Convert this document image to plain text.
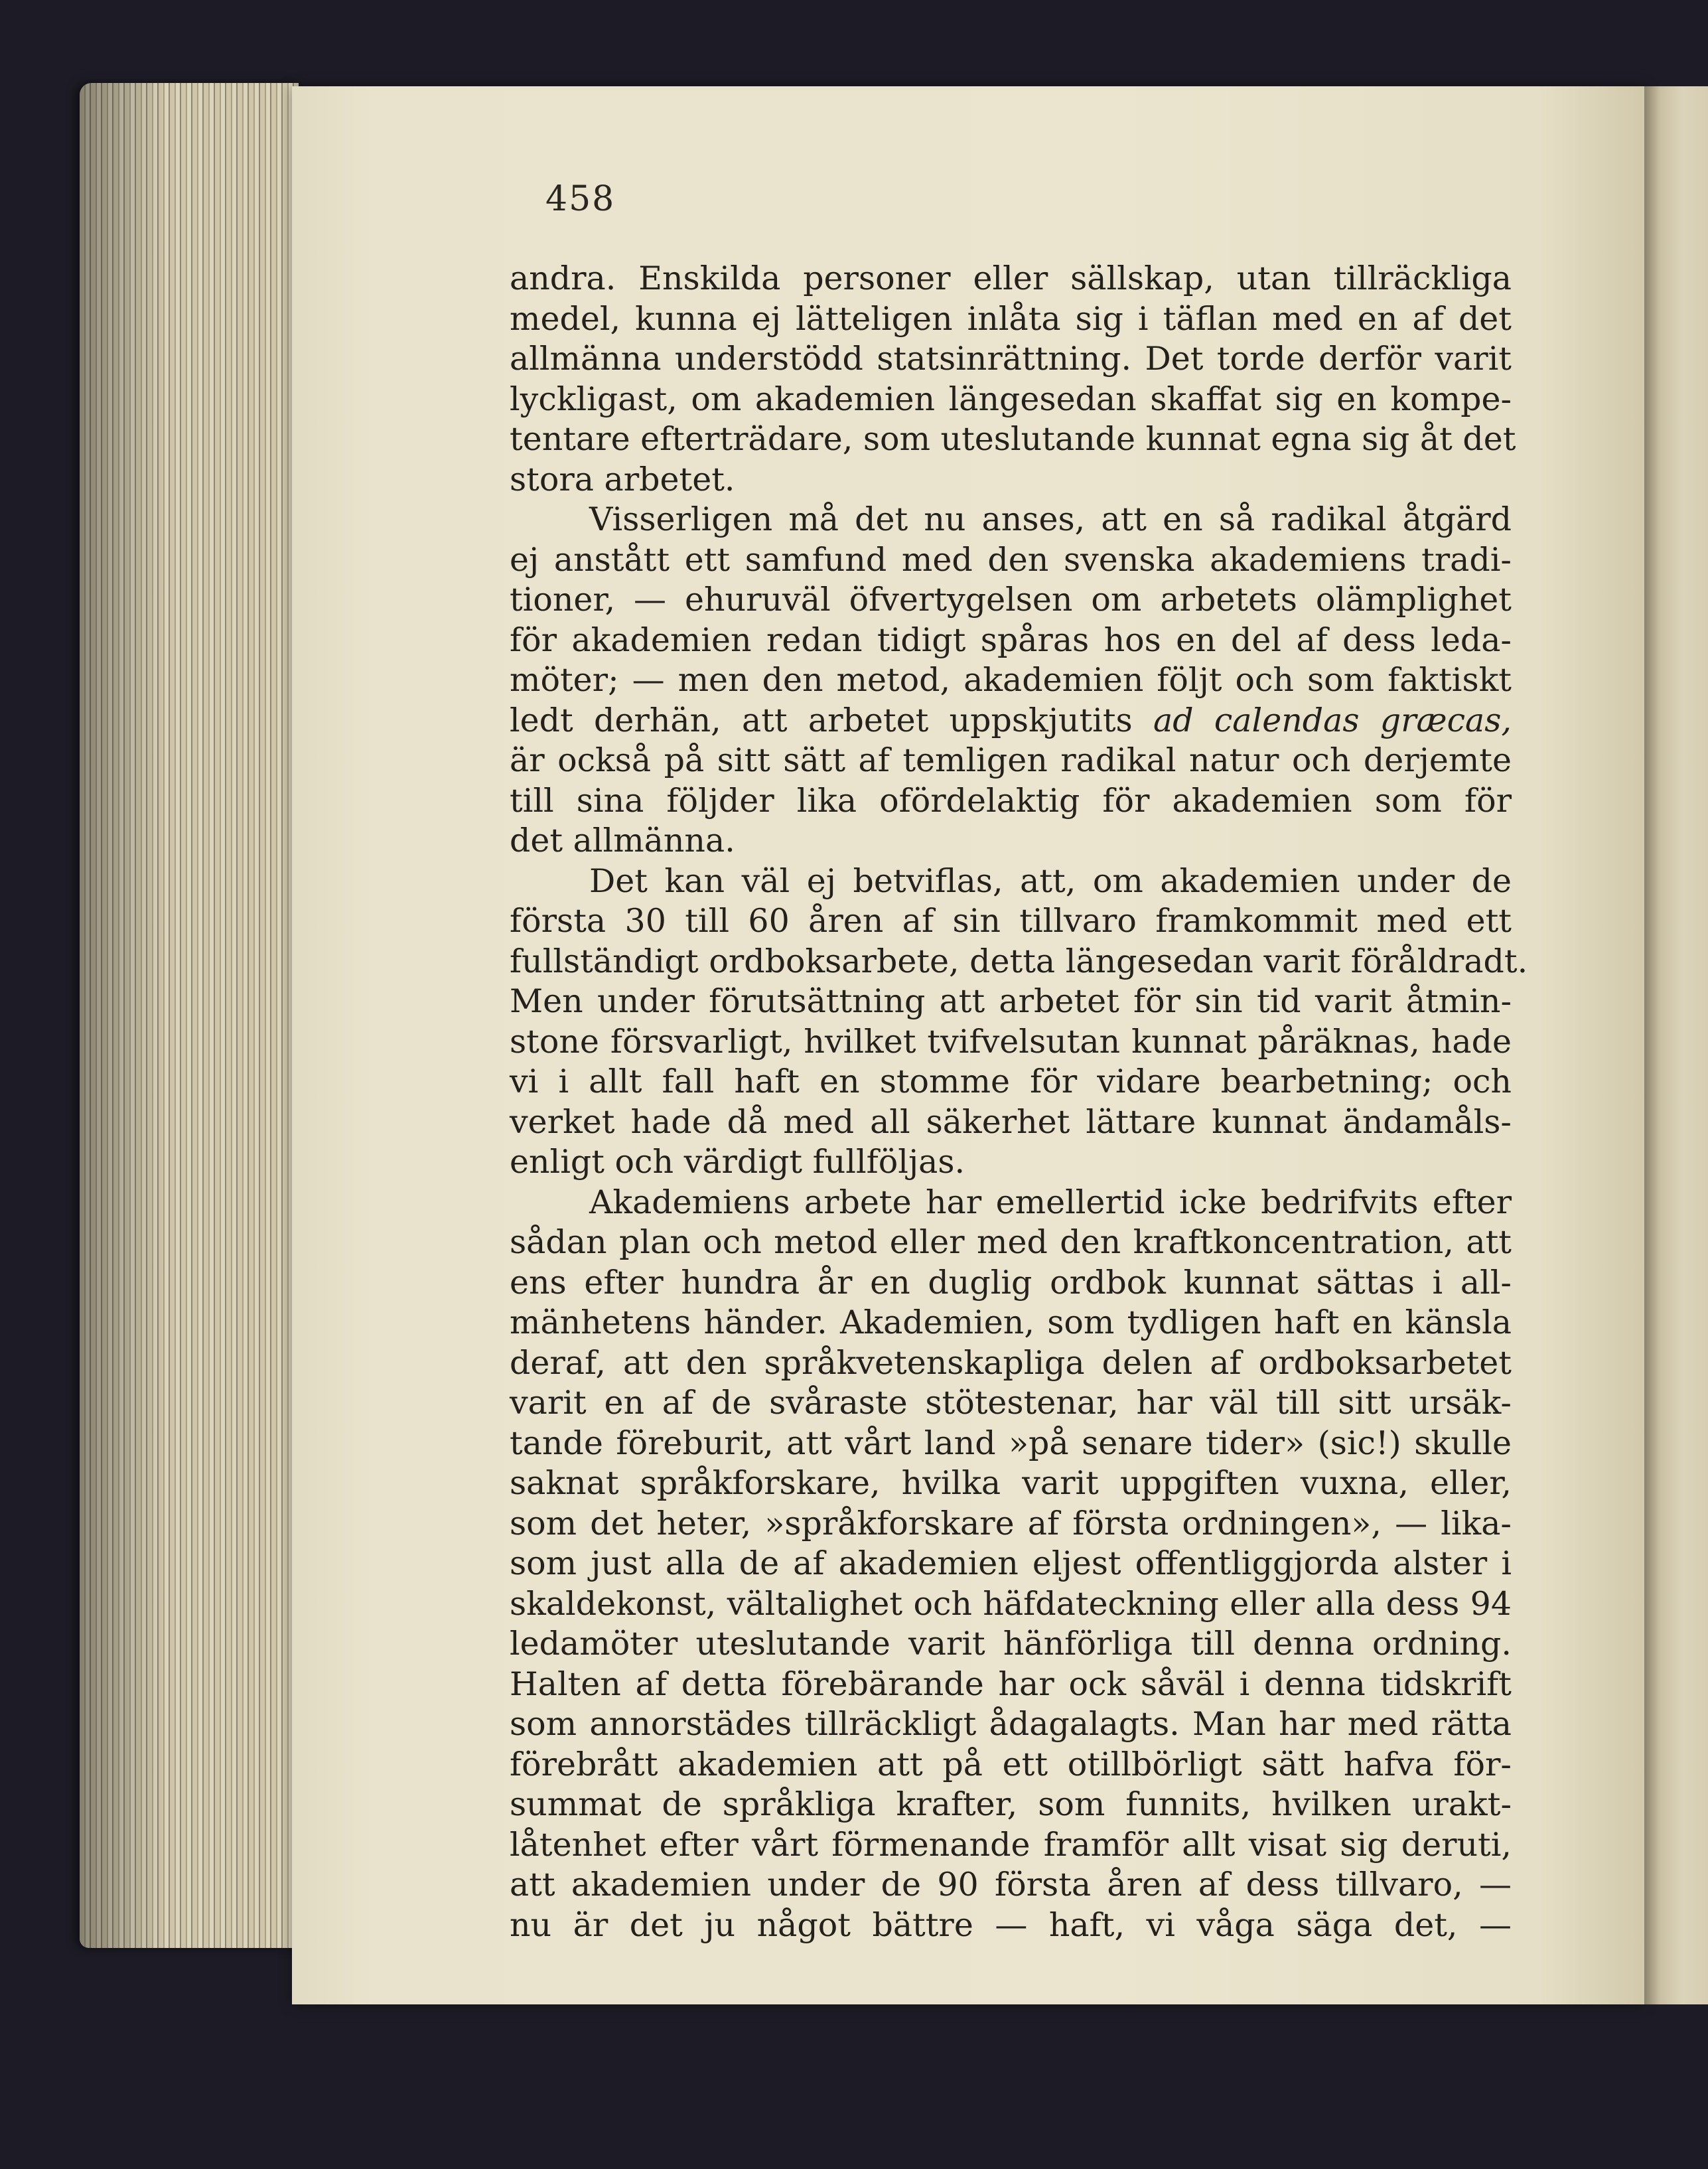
458
andra. Enskilda personer eller sällskap, utan tillräckliga
medel, kunna ej lätteligen inlåta sig i täflan med en af det
allmänna understödd statsinrättning. Det torde derför varit
lyckligast, om akademien längesedan skaffat sig en kompe-
tentare efterträdare, som uteslutande kunnat egna sig åt det
stora arbetet.
Visserligen må det nu anses, att en så radikal åtgärd
ej anstått ett samfund med den svenska akademiens tradi-
tioner, — ehuruväl öfvertygelsen om arbetets olämplighet
för akademien redan tidigt spåras hos en del af dess leda-
möter; — men den metod, akademien följt och som faktiskt
ledt derhän, att arbetet uppskjutits ad calendas græcas,
är också på sitt sätt af temligen radikal natur och derjemte
till sina följder lika ofördelaktig för akademien som för
det allmänna.
Det kan väl ej betviflas, att, om akademien under de
första 30 till 60 åren af sin tillvaro framkommit med ett
fullständigt ordboksarbete, detta längesedan varit föråldradt.
Men under förutsättning att arbetet för sin tid varit åtmin-
stone försvarligt, hvilket tvifvelsutan kunnat påräknas, hade
vi i allt fall haft en stomme för vidare bearbetning; och
verket hade då med all säkerhet lättare kunnat ändamåls-
enligt och värdigt fullföljas.
Akademiens arbete har emellertid icke bedrifvits efter
sådan plan och metod eller med den kraftkoncentration, att
ens efter hundra år en duglig ordbok kunnat sättas i all-
mänhetens händer. Akademien, som tydligen haft en känsla
deraf, att den språkvetenskapliga delen af ordboksarbetet
varit en af de svåraste stötestenar, har väl till sitt ursäk-
tande föreburit, att vårt land »på senare tider» (sic!) skulle
saknat språkforskare, hvilka varit uppgiften vuxna, eller,
som det heter, »språkforskare af första ordningen», — lika-
som just alla de af akademien eljest offentliggjorda alster i
skaldekonst, vältalighet och häfdateckning eller alla dess 94
ledamöter uteslutande varit hänförliga till denna ordning.
Halten af detta förebärande har ock såväl i denna tidskrift
som annorstädes tillräckligt ådagalagts. Man har med rätta
förebrått akademien att på ett otillbörligt sätt hafva för-
summat de språkliga krafter, som funnits, hvilken urakt-
låtenhet efter vårt förmenande framför allt visat sig deruti,
att akademien under de 90 första åren af dess tillvaro, —
nu är det ju något bättre — haft, vi våga säga det, —
